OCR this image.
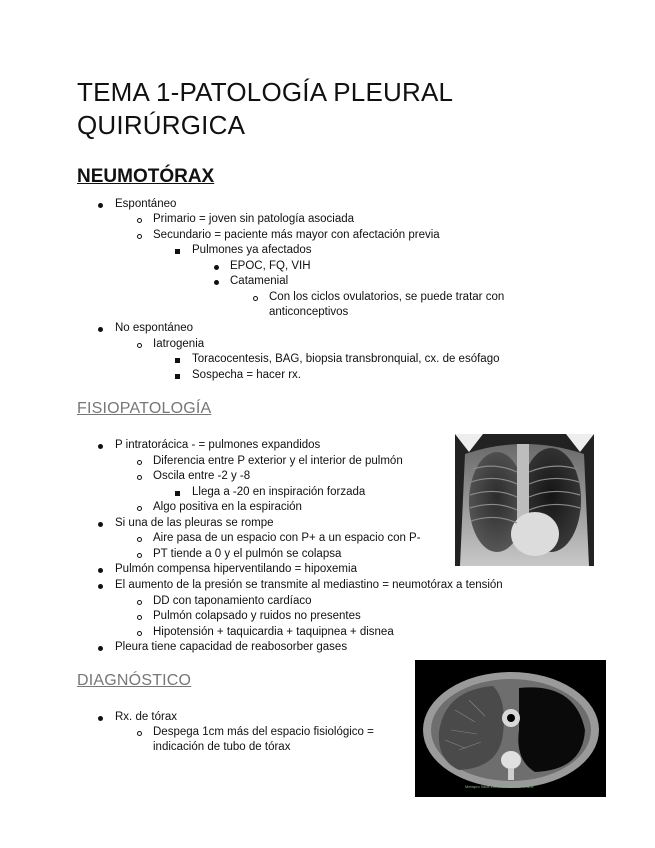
TEMA 1-PATOLOGÍA PLEURAL QUIRÚRGICA
NEUMOTÓRAX
Espontáneo
Primario = joven sin patología asociada
Secundario = paciente más mayor con afectación previa
Pulmones ya afectados
EPOC, FQ, VIH
Catamenial
Con los ciclos ovulatorios, se puede tratar con anticonceptivos
No espontáneo
Iatrogenia
Toracocentesis, BAG, biopsia transbronquial, cx. de esófago
Sospecha = hacer rx.
FISIOPATOLOGÍA
P intratorácica - = pulmones expandidos
Diferencia entre P exterior y el interior de pulmón
Oscila entre -2 y -8
Llega a -20 en inspiración forzada
Algo positiva en la espiración
Si una de las pleuras se rompe
Aire pasa de un espacio con P+ a un espacio con P-
PT tiende a 0 y el pulmón se colapsa
Pulmón compensa hiperventilando = hipoxemia
El aumento de la presión se transmite al mediastino = neumotórax a tensión
DD con taponamiento cardíaco
Pulmón colapsado y ruidos no presentes
Hipotensión + taquicardia + taquipnea + disnea
Pleura tiene capacidad de reabosorber gases
DIAGNÓSTICO
Rx. de tórax
Despega 1cm más del espacio fisiológico = indicación de tubo de tórax
Metapro Slide Libraries Medical Online
